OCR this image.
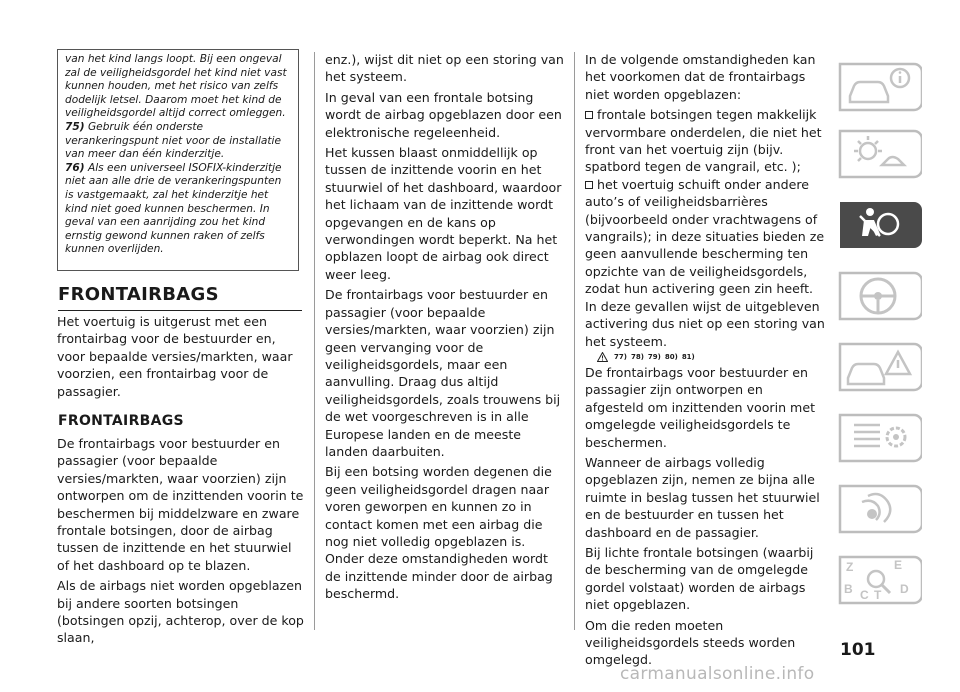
van het kind langs loopt. Bij een ongeval zal de veiligheidsgordel het kind niet vast kunnen houden, met het risico van zelfs dodelijk letsel. Daarom moet het kind de veiligheidsgordel altijd correct omleggen.

75) Gebruik één onderste verankeringspunt niet voor de installatie van meer dan één kinderzitje.

76) Als een universeel ISOFIX-kinderzitje niet aan alle drie de verankeringspunten is vastgemaakt, zal het kinderzitje het kind niet goed kunnen beschermen. In geval van een aanrijding zou het kind ernstig gewond kunnen raken of zelfs kunnen overlijden.

FRONTAIRBAGS

Het voertuig is uitgerust met een frontairbag voor de bestuurder en, voor bepaalde versies/markten, waar voorzien, een frontairbag voor de passagier.

FRONTAIRBAGS

De frontairbags voor bestuurder en passagier (voor bepaalde versies/markten, waar voorzien) zijn ontworpen om de inzittenden voorin te beschermen bij middelzware en zware frontale botsingen, door de airbag tussen de inzittende en het stuurwiel of het dashboard op te blazen.

Als de airbags niet worden opgeblazen bij andere soorten botsingen (botsingen opzij, achterop, over de kop slaan,

enz.), wijst dit niet op een storing van het systeem.

In geval van een frontale botsing wordt de airbag opgeblazen door een elektronische regeleenheid.

Het kussen blaast onmiddellijk op tussen de inzittende voorin en het stuurwiel of het dashboard, waardoor het lichaam van de inzittende wordt opgevangen en de kans op verwondingen wordt beperkt. Na het opblazen loopt de airbag ook direct weer leeg.

De frontairbags voor bestuurder en passagier (voor bepaalde versies/markten, waar voorzien) zijn geen vervanging voor de veiligheidsgordels, maar een aanvulling. Draag dus altijd veiligheidsgordels, zoals trouwens bij de wet voorgeschreven is in alle Europese landen en de meeste landen daarbuiten.

Bij een botsing worden degenen die geen veiligheidsgordel dragen naar voren geworpen en kunnen zo in contact komen met een airbag die nog niet volledig opgeblazen is. Onder deze omstandigheden wordt de inzittende minder door de airbag beschermd.

In de volgende omstandigheden kan het voorkomen dat de frontairbags niet worden opgeblazen:

frontale botsingen tegen makkelijk vervormbare onderdelen, die niet het front van het voertuig zijn (bijv. spatbord tegen de vangrail, etc. );

het voertuig schuift onder andere auto’s of veiligheidsbarrières (bijvoorbeeld onder vrachtwagens of vangrails); in deze situaties bieden ze geen aanvullende bescherming ten opzichte van de veiligheidsgordels, zodat hun activering geen zin heeft.

In deze gevallen wijst de uitgebleven activering dus niet op een storing van het systeem.

77) 78) 79) 80) 81)

De frontairbags voor bestuurder en passagier zijn ontworpen en afgesteld om inzittenden voorin met omgelegde veiligheidsgordels te beschermen.

Wanneer de airbags volledig opgeblazen zijn, nemen ze bijna alle ruimte in beslag tussen het stuurwiel en de bestuurder en tussen het dashboard en de passagier.

Bij lichte frontale botsingen (waarbij de bescherming van de omgelegde gordel volstaat) worden de airbags niet opgeblazen.

Om die reden moeten veiligheidsgordels steeds worden omgelegd.

Z	E
B C T D
101
carmanualsonline.info
